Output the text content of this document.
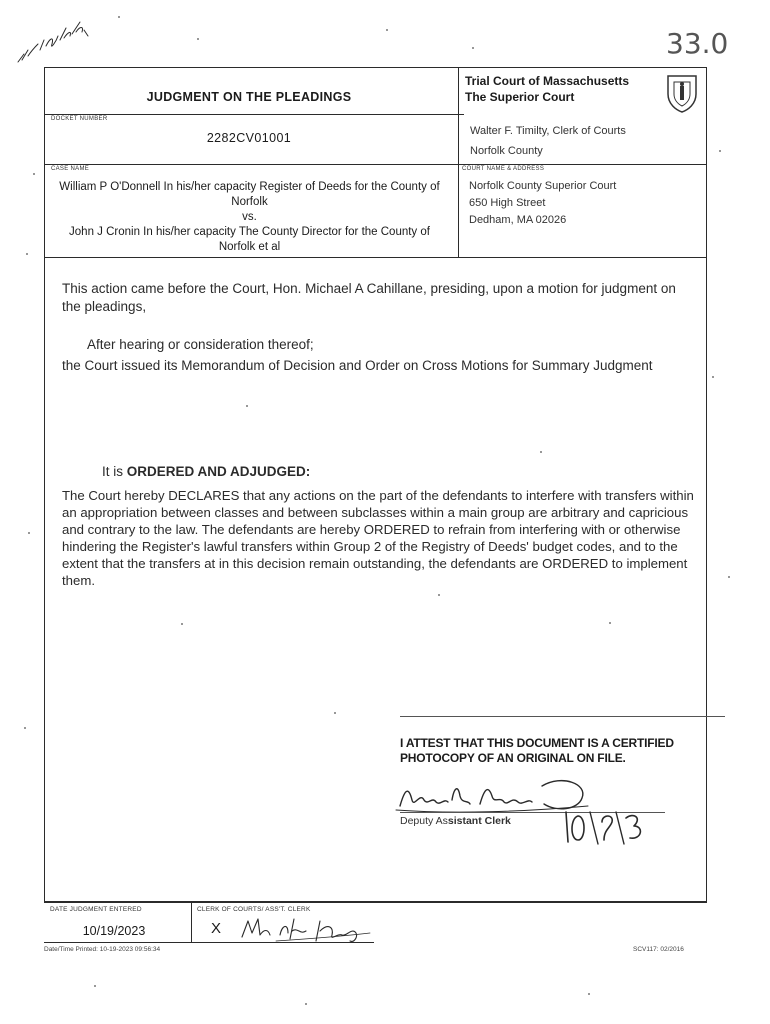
33.0
JUDGMENT ON THE PLEADINGS
Trial Court of Massachusetts
The Superior Court
DOCKET NUMBER
2282CV01001	Walter F. Timilty, Clerk of Courts
Norfolk County
CASE NAME
William P O'Donnell In his/her capacity Register of Deeds for the County of Norfolk
vs.
John J Cronin In his/her capacity The County Director for the County of Norfolk et al
COURT NAME & ADDRESS
Norfolk County Superior Court
650 High Street
Dedham, MA 02026
This action came before the Court, Hon. Michael A Cahillane, presiding, upon a motion for judgment on the pleadings,
After hearing or consideration thereof;
the Court issued its Memorandum of Decision and Order on Cross Motions for Summary Judgment
It is ORDERED AND ADJUDGED:
The Court hereby DECLARES that any actions on the part of the defendants to interfere with transfers within an appropriation between classes and between subclasses within a main group are arbitrary and capricious and contrary to the law. The defendants are hereby ORDERED to refrain from interfering with or otherwise hindering the Register's lawful transfers within Group 2 of the Registry of Deeds' budget codes, and to the extent that the transfers at in this decision remain outstanding, the defendants are ORDERED to implement them.
I ATTEST THAT THIS DOCUMENT IS A CERTIFIED PHOTOCOPY OF AN ORIGINAL ON FILE.
Deputy Assistant Clerk
DATE JUDGMENT ENTERED
10/19/2023
CLERK OF COURTS/ ASS'T. CLERK
X
Date/Time Printed: 10-19-2023 09:56:34	SCV117: 02/2016
